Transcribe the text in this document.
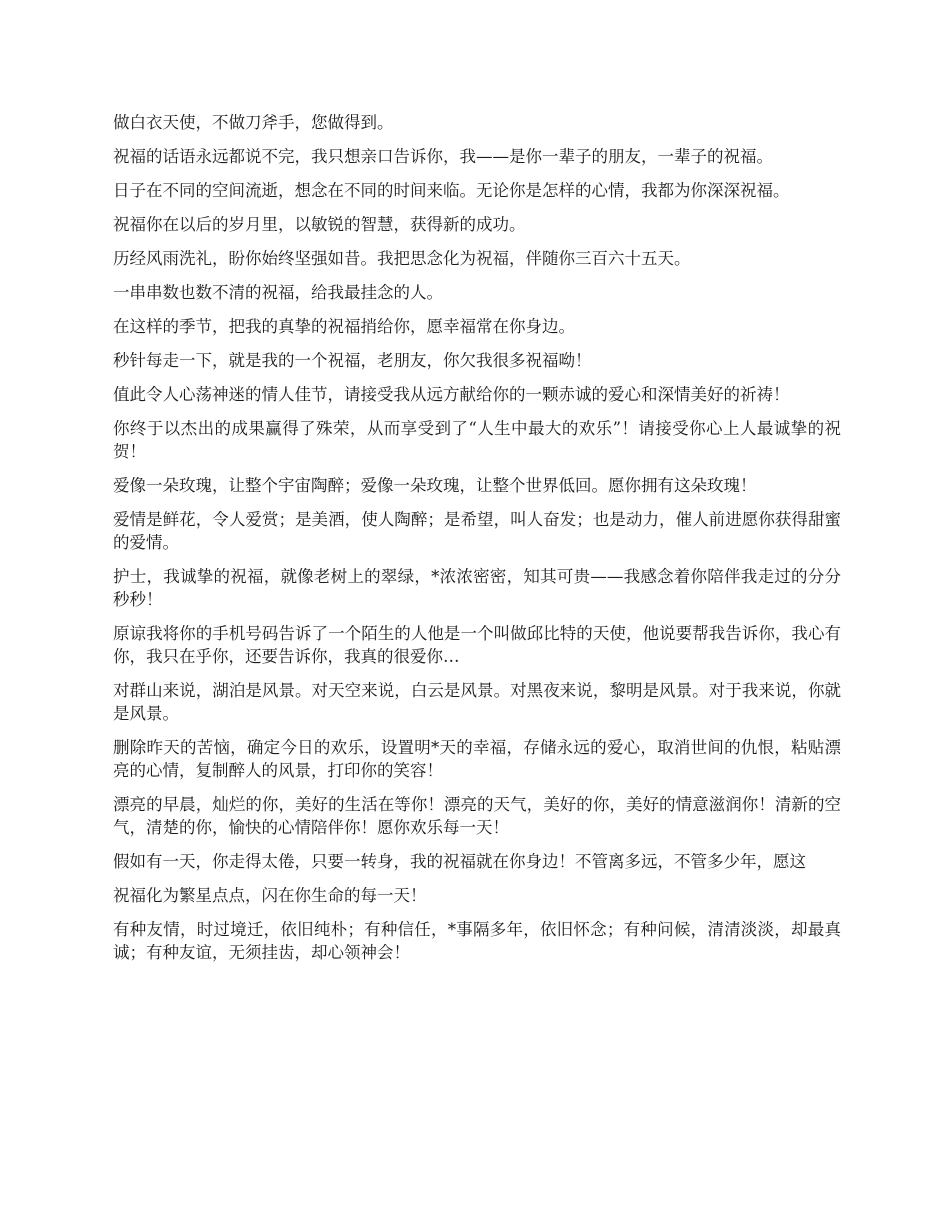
做白衣天使，不做刀斧手，您做得到。

祝福的话语永远都说不完，我只想亲口告诉你，我——是你一辈子的朋友，一辈子的祝福。

日子在不同的空间流逝，想念在不同的时间来临。无论你是怎样的心情，我都为你深深祝福。

祝福你在以后的岁月里，以敏锐的智慧，获得新的成功。

历经风雨洗礼，盼你始终坚强如昔。我把思念化为祝福，伴随你三百六十五天。

一串串数也数不清的祝福，给我最挂念的人。

在这样的季节，把我的真挚的祝福捎给你，愿幸福常在你身边。

秒针每走一下，就是我的一个祝福，老朋友，你欠我很多祝福呦！

值此令人心荡神迷的情人佳节，请接受我从远方献给你的一颗赤诚的爱心和深情美好的祈祷！

你终于以杰出的成果赢得了殊荣，从而享受到了“人生中最大的欢乐”！请接受你心上人最诚挚的祝贺！

爱像一朵玫瑰，让整个宇宙陶醉；爱像一朵玫瑰，让整个世界低回。愿你拥有这朵玫瑰！

爱情是鲜花，令人爱赏；是美酒，使人陶醉；是希望，叫人奋发；也是动力，催人前进愿你获得甜蜜的爱情。

护士，我诚挚的祝福，就像老树上的翠绿，*浓浓密密，知其可贵——我感念着你陪伴我走过的分分秒秒！

原谅我将你的手机号码告诉了一个陌生的人他是一个叫做邱比特的天使，他说要帮我告诉你，我心有你，我只在乎你，还要告诉你，我真的很爱你…

对群山来说，湖泊是风景。对天空来说，白云是风景。对黑夜来说，黎明是风景。对于我来说，你就是风景。

删除昨天的苦恼，确定今日的欢乐，设置明*天的幸福，存储永远的爱心，取消世间的仇恨，粘贴漂亮的心情，复制醉人的风景，打印你的笑容！

漂亮的早晨，灿烂的你，美好的生活在等你！漂亮的天气，美好的你，美好的情意滋润你！清新的空气，清楚的你，愉快的心情陪伴你！愿你欢乐每一天！

假如有一天，你走得太倦，只要一转身，我的祝福就在你身边！不管离多远，不管多少年，愿这

祝福化为繁星点点，闪在你生命的每一天！

有种友情，时过境迁，依旧纯朴；有种信任，*事隔多年，依旧怀念；有种问候，清清淡淡，却最真诚；有种友谊，无须挂齿，却心领神会！
